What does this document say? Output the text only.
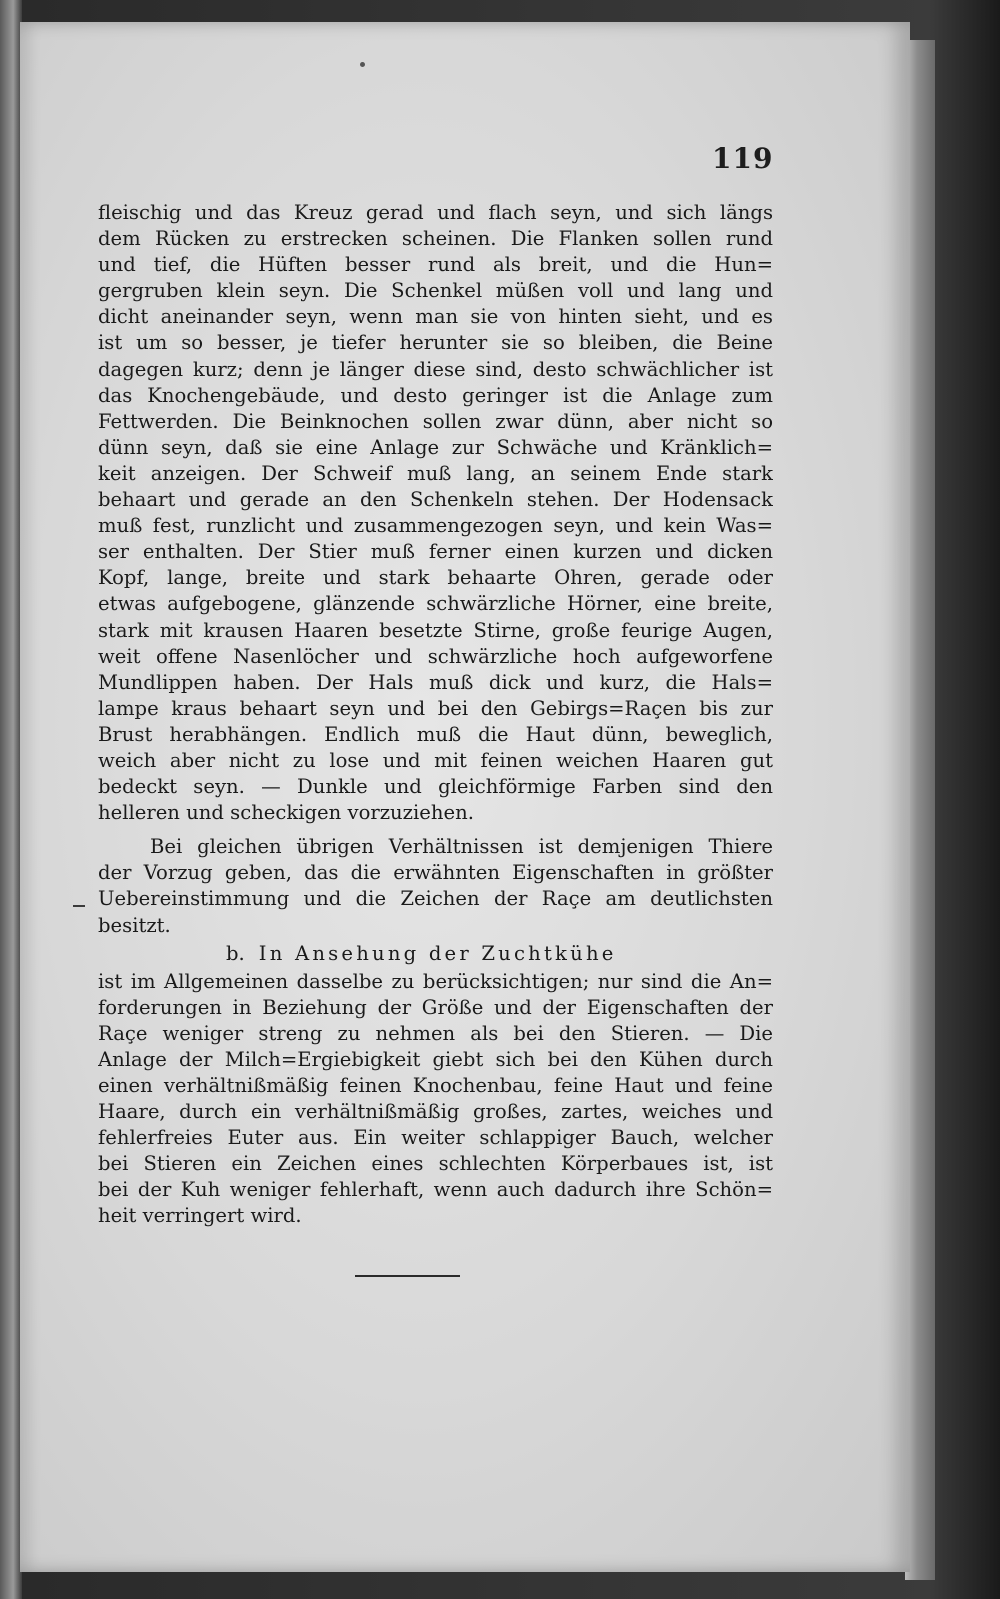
119
fleischig und das Kreuz gerad und flach seyn, und sich längs
dem Rücken zu erstrecken scheinen. Die Flanken sollen rund
und tief, die Hüften besser rund als breit, und die Hun=
gergruben klein seyn. Die Schenkel müßen voll und lang und
dicht aneinander seyn, wenn man sie von hinten sieht, und es
ist um so besser, je tiefer herunter sie so bleiben, die Beine
dagegen kurz; denn je länger diese sind, desto schwächlicher ist
das Knochengebäude, und desto geringer ist die Anlage zum
Fettwerden. Die Beinknochen sollen zwar dünn, aber nicht so
dünn seyn, daß sie eine Anlage zur Schwäche und Kränklich=
keit anzeigen. Der Schweif muß lang, an seinem Ende stark
behaart und gerade an den Schenkeln stehen. Der Hodensack
muß fest, runzlicht und zusammengezogen seyn, und kein Was=
ser enthalten. Der Stier muß ferner einen kurzen und dicken
Kopf, lange, breite und stark behaarte Ohren, gerade oder
etwas aufgebogene, glänzende schwärzliche Hörner, eine breite,
stark mit krausen Haaren besetzte Stirne, große feurige Augen,
weit offene Nasenlöcher und schwärzliche hoch aufgeworfene
Mundlippen haben. Der Hals muß dick und kurz, die Hals=
lampe kraus behaart seyn und bei den Gebirgs=Raçen bis zur
Brust herabhängen. Endlich muß die Haut dünn, beweglich,
weich aber nicht zu lose und mit feinen weichen Haaren gut
bedeckt seyn. — Dunkle und gleichförmige Farben sind den
helleren und scheckigen vorzuziehen.
Bei gleichen übrigen Verhältnissen ist demjenigen Thiere
der Vorzug geben, das die erwähnten Eigenschaften in größter
Uebereinstimmung und die Zeichen der Raçe am deutlichsten
besitzt.
b. In Ansehung der Zuchtkühe
ist im Allgemeinen dasselbe zu berücksichtigen; nur sind die An=
forderungen in Beziehung der Größe und der Eigenschaften der
Raçe weniger streng zu nehmen als bei den Stieren. — Die
Anlage der Milch=Ergiebigkeit giebt sich bei den Kühen durch
einen verhältnißmäßig feinen Knochenbau, feine Haut und feine
Haare, durch ein verhältnißmäßig großes, zartes, weiches und
fehlerfreies Euter aus. Ein weiter schlappiger Bauch, welcher
bei Stieren ein Zeichen eines schlechten Körperbaues ist, ist
bei der Kuh weniger fehlerhaft, wenn auch dadurch ihre Schön=
heit verringert wird.
